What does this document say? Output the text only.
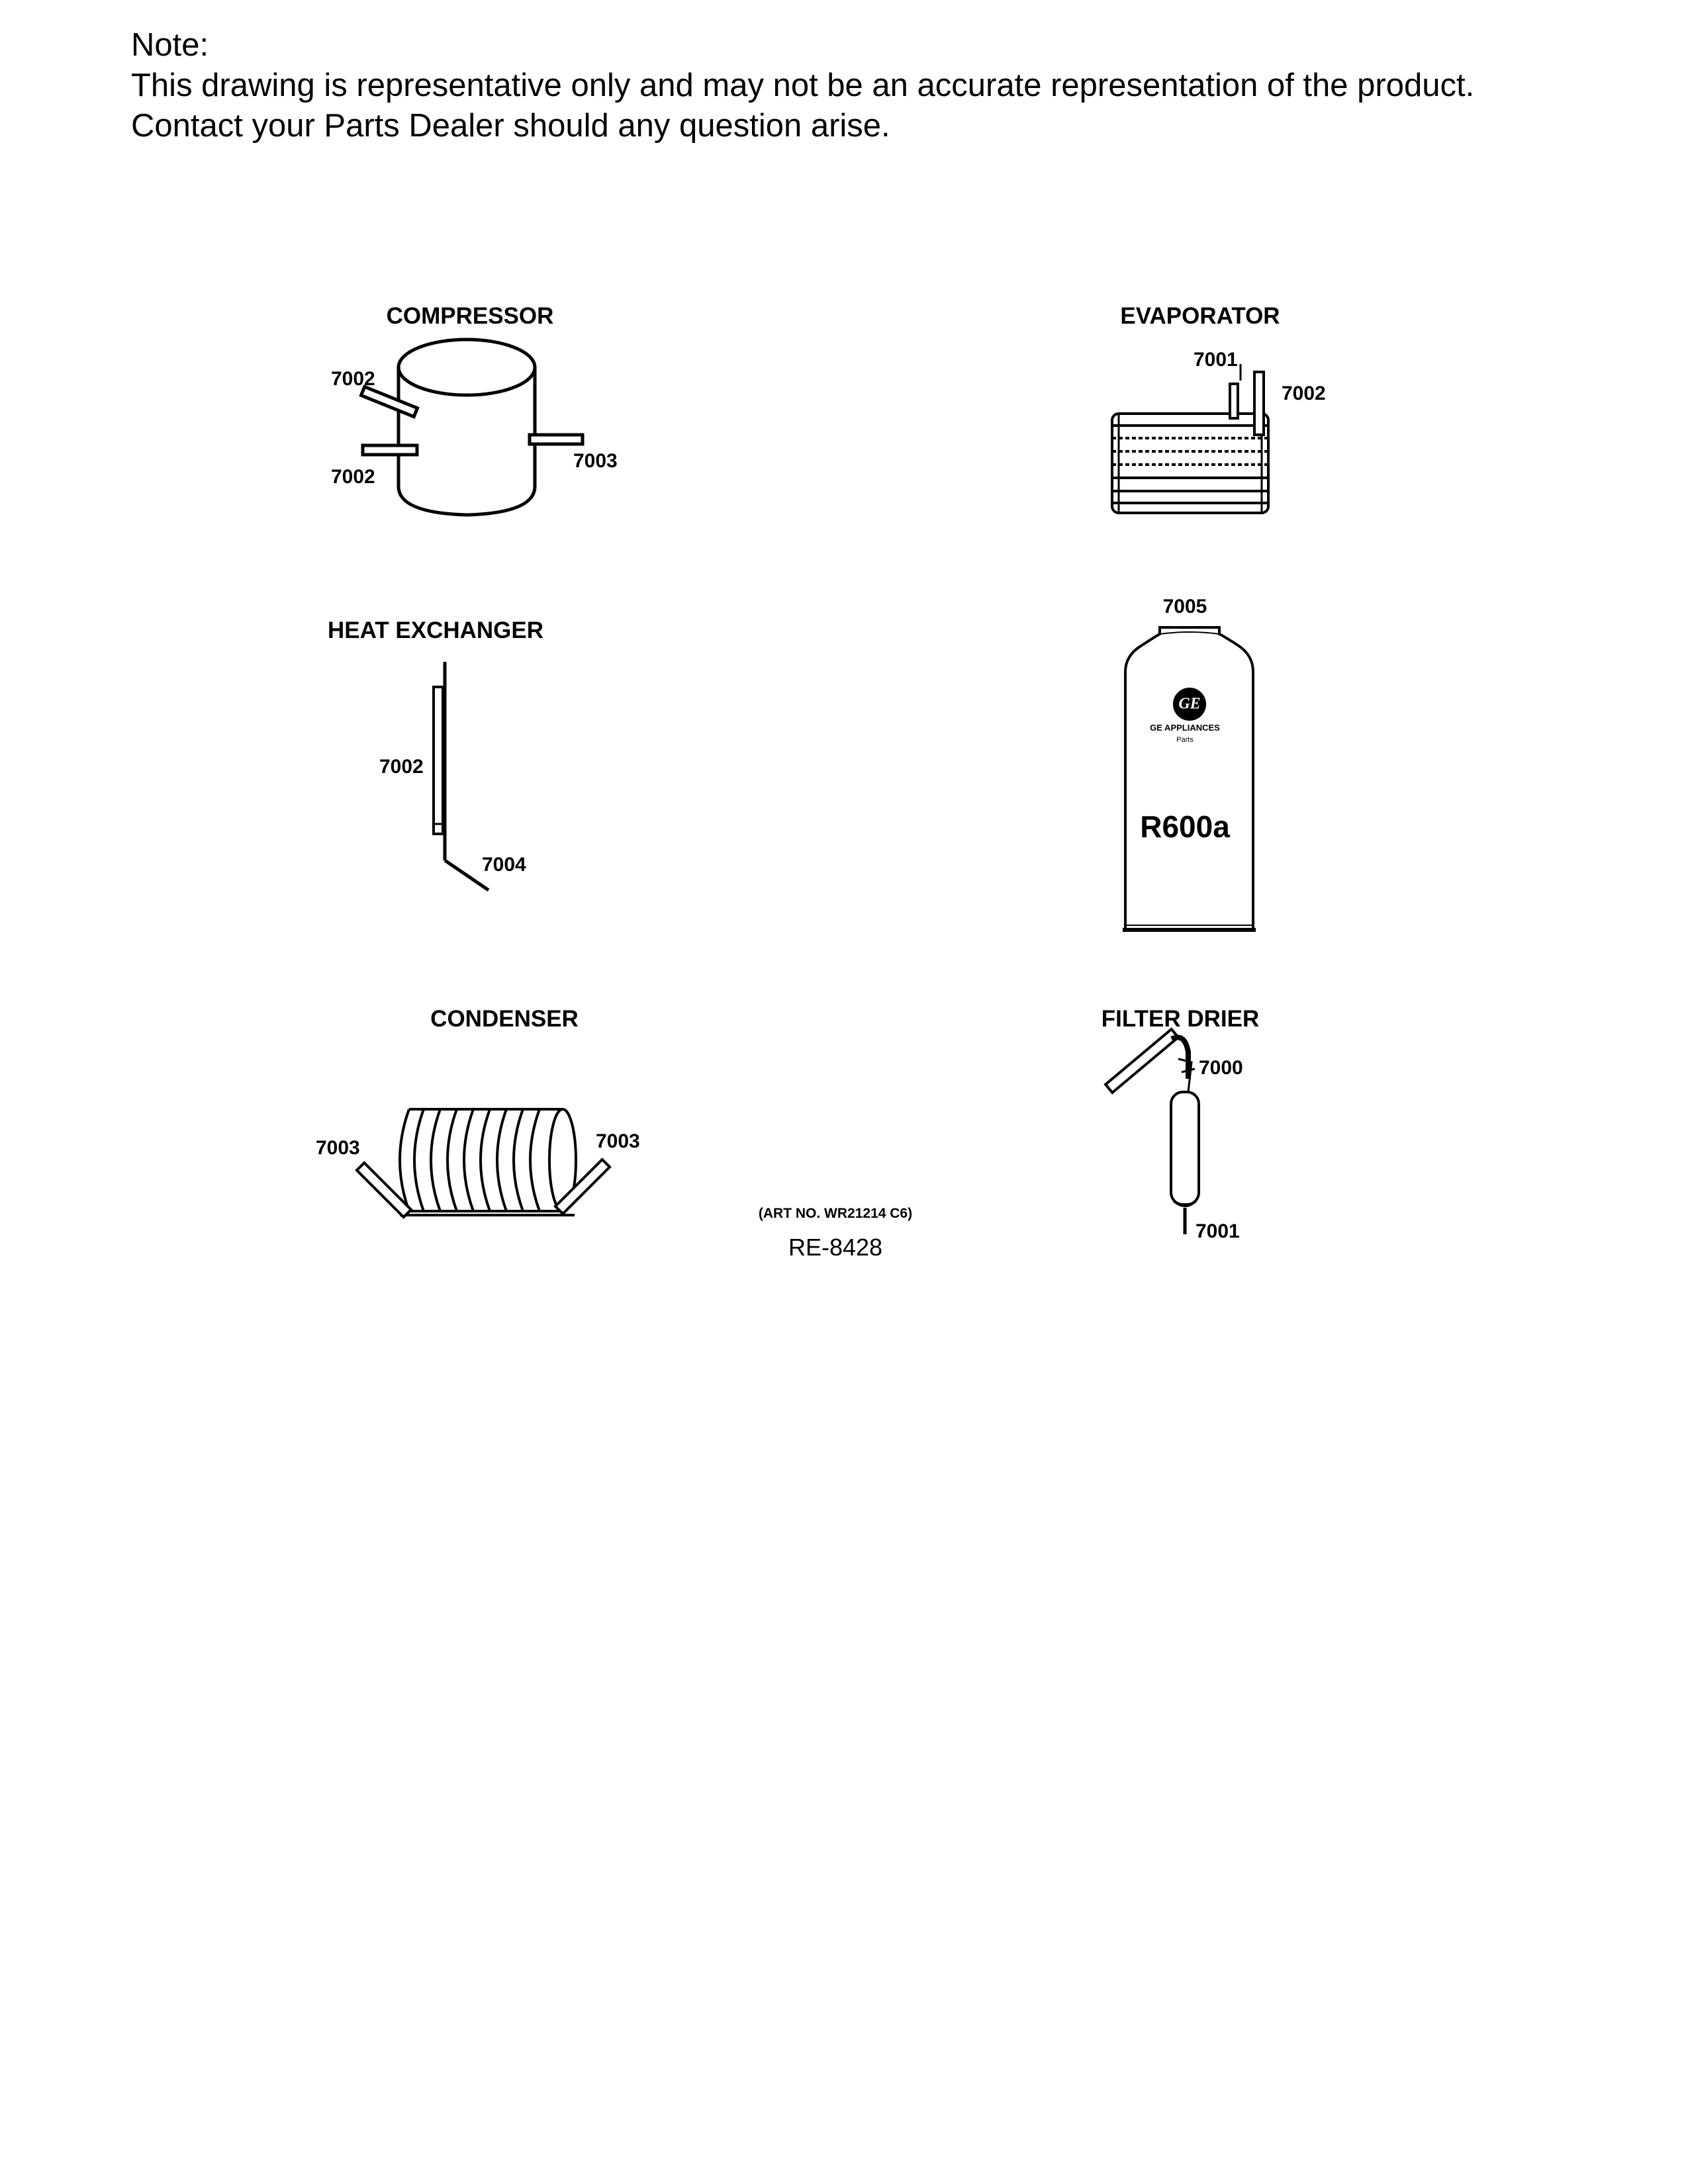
Note:
This drawing is representative only and may not be an accurate representation of the product.
Contact your Parts Dealer should any question arise.
COMPRESSOR
7002
7002
7003
EVAPORATOR
7001
7002
HEAT EXCHANGER
7002
7004
7005
GE
GE APPLIANCES
Parts
R600a
CONDENSER
7003	7003
FILTER DRIER
7000
7001
(ART NO. WR21214 C6)
RE-8428
